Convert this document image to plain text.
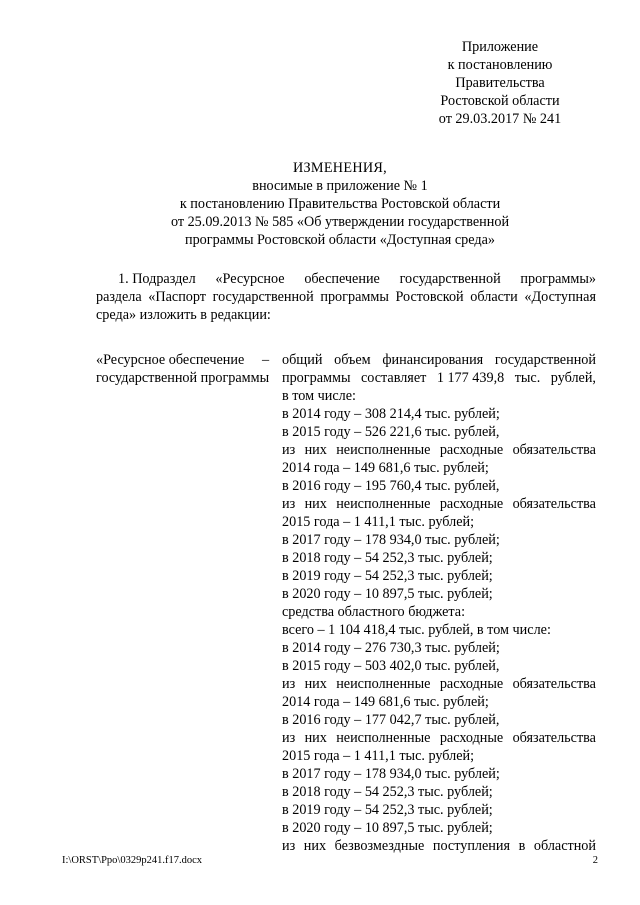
Приложение
к постановлению
Правительства
Ростовской области
от 29.03.2017 № 241
ИЗМЕНЕНИЯ,
вносимые в приложение № 1
к постановлению Правительства Ростовской области
от 25.09.2013 № 585 «Об утверждении государственной
программы Ростовской области «Доступная среда»
1. Подраздел «Ресурсное обеспечение государственной программы»
раздела «Паспорт государственной программы Ростовской области «Доступная
среда» изложить в редакции:
«Ресурсное обеспечение
государственной программы
– общий объем финансирования государственной
программы составляет 1 177 439,8 тыс. рублей,
в том числе:
в 2014 году – 308 214,4 тыс. рублей;
в 2015 году – 526 221,6 тыс. рублей,
из них неисполненные расходные обязательства
2014 года – 149 681,6 тыс. рублей;
в 2016 году – 195 760,4 тыс. рублей,
из них неисполненные расходные обязательства
2015 года – 1 411,1 тыс. рублей;
в 2017 году – 178 934,0 тыс. рублей;
в 2018 году – 54 252,3 тыс. рублей;
в 2019 году – 54 252,3 тыс. рублей;
в 2020 году – 10 897,5 тыс. рублей;
средства областного бюджета:
всего – 1 104 418,4 тыс. рублей, в том числе:
в 2014 году – 276 730,3 тыс. рублей;
в 2015 году – 503 402,0 тыс. рублей,
из них неисполненные расходные обязательства
2014 года – 149 681,6 тыс. рублей;
в 2016 году – 177 042,7 тыс. рублей,
из них неисполненные расходные обязательства
2015 года – 1 411,1 тыс. рублей;
в 2017 году – 178 934,0 тыс. рублей;
в 2018 году – 54 252,3 тыс. рублей;
в 2019 году – 54 252,3 тыс. рублей;
в 2020 году – 10 897,5 тыс. рублей;
из них безвозмездные поступления в областной
I:\ORST\Ppo\0329p241.f17.docx	2
